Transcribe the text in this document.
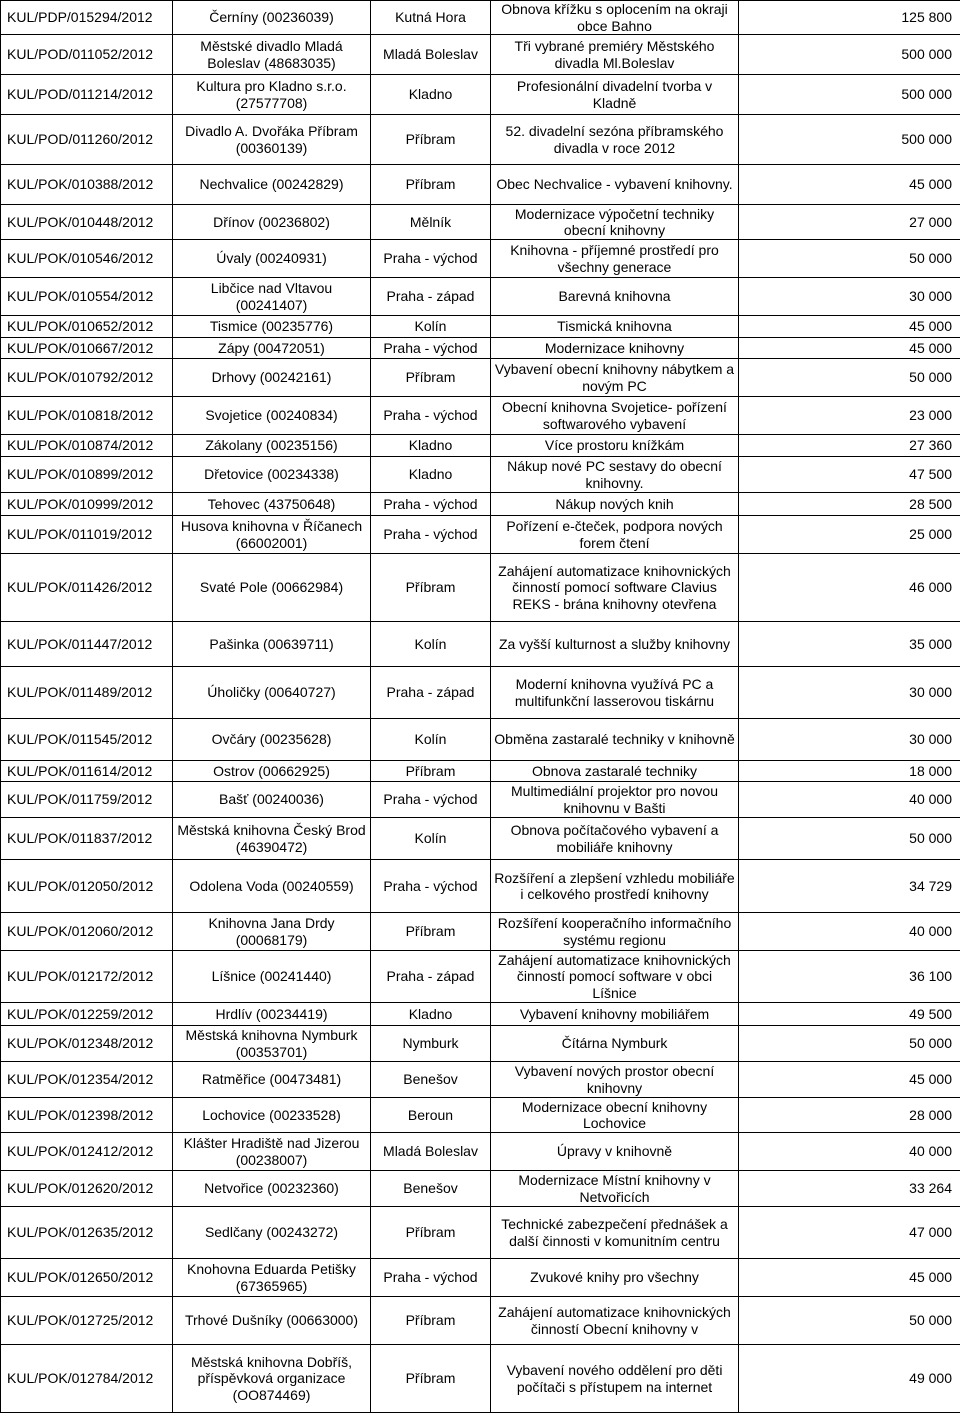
KUL/PDP/015294/2012	Černíny (00236039)	Kutná Hora	Obnova křížku s oplocením na okraji obce Bahno	125 800
KUL/POD/011052/2012	Městské divadlo Mladá Boleslav (48683035)	Mladá Boleslav	Tři vybrané premiéry Městského divadla Ml.Boleslav	500 000
KUL/POD/011214/2012	Kultura pro Kladno s.r.o. (27577708)	Kladno	Profesionální divadelní tvorba v Kladně	500 000
KUL/POD/011260/2012	Divadlo A. Dvořáka Příbram (00360139)	Příbram	52. divadelní sezóna příbramského divadla v roce 2012	500 000
KUL/POK/010388/2012	Nechvalice (00242829)	Příbram	Obec Nechvalice - vybavení knihovny.	45 000
KUL/POK/010448/2012	Dřínov (00236802)	Mělník	Modernizace výpočetní techniky obecní knihovny	27 000
KUL/POK/010546/2012	Úvaly (00240931)	Praha - východ	Knihovna - příjemné prostředí pro všechny generace	50 000
KUL/POK/010554/2012	Libčice nad Vltavou (00241407)	Praha - západ	Barevná knihovna	30 000
KUL/POK/010652/2012	Tismice (00235776)	Kolín	Tismická knihovna	45 000
KUL/POK/010667/2012	Zápy (00472051)	Praha - východ	Modernizace knihovny	45 000
KUL/POK/010792/2012	Drhovy (00242161)	Příbram	Vybavení obecní knihovny nábytkem a novým PC	50 000
KUL/POK/010818/2012	Svojetice (00240834)	Praha - východ	Obecní knihovna Svojetice- pořízení softwarového vybavení	23 000
KUL/POK/010874/2012	Zákolany (00235156)	Kladno	Více prostoru knížkám	27 360
KUL/POK/010899/2012	Dřetovice (00234338)	Kladno	Nákup nové PC sestavy do obecní knihovny.	47 500
KUL/POK/010999/2012	Tehovec (43750648)	Praha - východ	Nákup nových knih	28 500
KUL/POK/011019/2012	Husova knihovna v Říčanech (66002001)	Praha - východ	Pořízení e-čteček, podpora nových forem čtení	25 000
KUL/POK/011426/2012	Svaté Pole (00662984)	Příbram	Zahájení automatizace knihovnických činností pomocí software Clavius REKS - brána knihovny otevřena	46 000
KUL/POK/011447/2012	Pašinka (00639711)	Kolín	Za vyšší kulturnost a služby knihovny	35 000
KUL/POK/011489/2012	Úholičky (00640727)	Praha - západ	Moderní knihovna využívá PC a multifunkční lasserovou tiskárnu	30 000
KUL/POK/011545/2012	Ovčáry (00235628)	Kolín	Obměna zastaralé techniky v knihovně	30 000
KUL/POK/011614/2012	Ostrov (00662925)	Příbram	Obnova zastaralé techniky	18 000
KUL/POK/011759/2012	Bašť (00240036)	Praha - východ	Multimediální projektor pro novou knihovnu v Bašti	40 000
KUL/POK/011837/2012	Městská knihovna Český Brod (46390472)	Kolín	Obnova počítačového vybavení a mobiliáře knihovny	50 000
KUL/POK/012050/2012	Odolena Voda (00240559)	Praha - východ	Rozšíření a zlepšení vzhledu mobiliáře i celkového prostředí knihovny	34 729
KUL/POK/012060/2012	Knihovna Jana Drdy (00068179)	Příbram	Rozšíření kooperačního informačního systému regionu	40 000
KUL/POK/012172/2012	Líšnice (00241440)	Praha - západ	Zahájení automatizace knihovnických činností pomocí software v obci Líšnice	36 100
KUL/POK/012259/2012	Hrdlív (00234419)	Kladno	Vybavení knihovny mobiliářem	49 500
KUL/POK/012348/2012	Městská knihovna Nymburk (00353701)	Nymburk	Čítárna Nymburk	50 000
KUL/POK/012354/2012	Ratměřice (00473481)	Benešov	Vybavení nových prostor obecní knihovny	45 000
KUL/POK/012398/2012	Lochovice (00233528)	Beroun	Modernizace obecní knihovny Lochovice	28 000
KUL/POK/012412/2012	Klášter Hradiště nad Jizerou (00238007)	Mladá Boleslav	Úpravy v knihovně	40 000
KUL/POK/012620/2012	Netvořice (00232360)	Benešov	Modernizace Místní knihovny v Netvořicích	33 264
KUL/POK/012635/2012	Sedlčany (00243272)	Příbram	Technické zabezpečení přednášek a další činnosti v komunitním centru	47 000
KUL/POK/012650/2012	Knohovna Eduarda Petišky (67365965)	Praha - východ	Zvukové knihy pro všechny	45 000
KUL/POK/012725/2012	Trhové Dušníky (00663000)	Příbram	Zahájení automatizace knihovnických činností Obecní knihovny v	50 000
KUL/POK/012784/2012	Městská knihovna Dobříš, příspěvková organizace (OO874469)	Příbram	Vybavení nového oddělení pro děti počítači s přístupem na internet	49 000
